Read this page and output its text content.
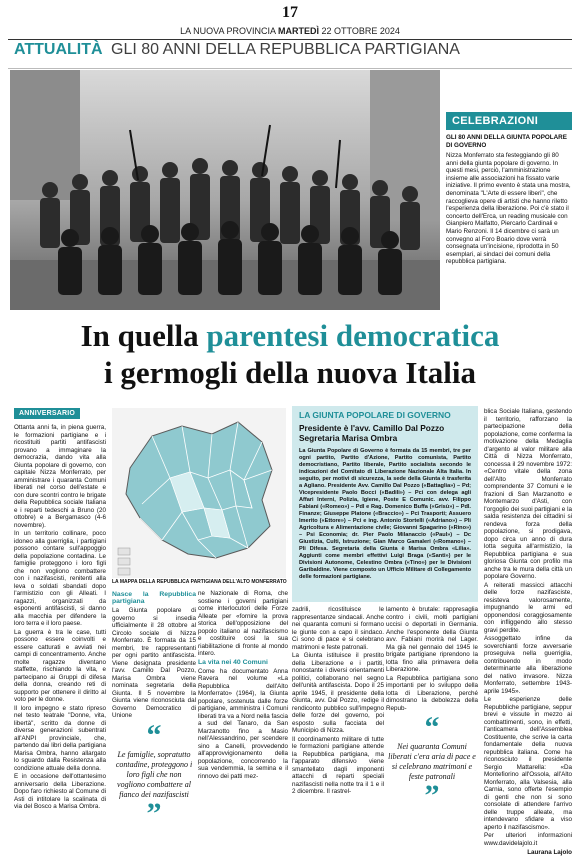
17
LA NUOVA PROVINCIA MARTEDÌ 22 OTTOBRE 2024
ATTUALITÀ GLI 80 ANNI DELLA REPUBBLICA PARTIGIANA
CELEBRAZIONI
GLI 80 ANNI DELLA GIUNTA POPOLARE DI GOVERNO
Nizza Monferrato sta festeggiando gli 80 anni della giunta popolare di governo. In questi mesi, perciò, l'amministrazione insieme alle associazioni ha fissato varie iniziative. Il primo evento è stata una mostra, denominata "L'Arte di essere liberi", che raccoglieva opere di artisti che hanno riletto l'esperienza della liberazione. Poi c'è stato il concerto dell'Erca, un reading musicale con Gianpiero Malfatto, Piercarlo Cardinali e Mario Renzoni. Il 14 dicembre ci sarà un convegno al Foro Boario dove verrà consegnata un'incisione, riprodotta in 50 esemplari, ai sindaci dei comuni della repubblica partigiana.
In quella parentesi democratica
i germogli della nuova Italia
ANNIVERSARIO

Ottanta anni fa, in piena guerra, le formazioni partigiane e i ricostituiti partiti antifascisti provano a immaginare la democrazia, dando vita alla Giunta popolare di governo, con capitale Nizza Monferrato, per amministrare i quaranta Comuni liberati nel corso dell'estate e con dure scontri contro le brigate della Repubblica sociale Italiana e i reparti tedeschi a Bruno (20 ottobre) e a Bergamasco (4-6 novembre).

In un territorio collinare, poco idoneo alla guerriglia, i partigiani possono contare sull'appoggio della popolazione contadina. Le famiglie proteggono i loro figli che non vogliono combattere con i nazifascisti, renitenti alla leva o soldati sbandati dopo l'armistizio con gli Alleati. I ragazzi, organizzati da esponenti antifascisti, si danno alla macchia per difendere la loro terra e il loro paese.

La guerra è tra le case, tutti possono essere coinvolti e essere catturati e avviati nei campi di concentramento. Anche molte ragazze diventano staffette, rischiando la vita, e partecipano ai Gruppi di difesa della donna, creando reti di supporto per ottenere il diritto al voto per le donne.

Il loro impegno e stato ripreso nel testo teatrale "Donne, vita, libertà", scritto da donne di diverse generazioni subentrati all'ANPI provinciale, che, partendo dai libri della partigiana Marisa Ombra, hanno allargato lo sguardo dalla Resistenza alla condizione attuale della donna.

E in occasione dell'ottantesimo anniversario della Liberazione. Dopo faro richiesto al Comune di Asti di intitolare la scalinata di via del Bosco a Marisa Ombra.

LA MAPPA DELLA REPUBBLICA PARTIGIANA DELL'ALTO MONFERRATO
LA GIUNTA POPOLARE DI GOVERNO
Presidente è l'avv. Camillo Dal Pozzo
Segretaria Marisa Ombra
La Giunta Popolare di Governo è formata da 15 membri, tre per ogni partito, Partito d'Azione, Partito comunista, Partito democristiano, Partito liberale, Partito socialista secondo le indicazioni del Comitato di Liberazione Nazionale Alta Italia. In seguito, per motivi di sicurezza, la sede della Giunta è trasferita a Agliano. Presidente Avv. Camillo Dal Pozzo («Battaglia») – Pd; Vicepresidente Paolo Bocci («Badili») – Pci con delega agli Affari Interni, Polizia, Igiene, Poste E Comunic. avv. Filippo Fabiani («Romeo») – Pdl e Rag. Domenico Buffa («Grisù») – Pdl. Finanze; Giuseppe Platone («Braccio») – Pci Trasporti; Assuero Imerito («Ettore») – Pci e ing. Antonio Stortelli («Adriano») – Pli Agricoltura e Alimentazione civile; Giovanni Spagarino («Rino») – Psi Economia; dr. Pier Paolo Milanaccio («Paul») – Dc Giustizia, Culti, Istruzione; Gian Marco Gamaleri («Romano») – Pli Difesa. Segretaria della Giunta è Marisa Ombra «Lilia». Aggiunti come membri effettivi Luigi Braga («Santi») per le Divisioni Autonome, Celestino Ombra («Tino») per le Divisioni Garibaldine. Viene composto un Ufficio Militare di Collegamento delle formazioni partigiane.
Nasce la Repubblica partigiana

La Giunta popolare di governo si insedia ufficialmente il 28 ottobre al Circolo sociale di Nizza Monferrato. È formata da 15 membri, tre rappresentanti per ogni partito antifascista. Viene designata presidente l'avv. Camillo Dal Pozzo, Marisa Ombra viene nominata segretaria della Giunta. Il 5 novembre la Giunta viene riconosciuta dal Governo Democratico di Unione

“
Le famiglie, sopratutto contadine, proteggono i loro figli che non vogliono combattere al fianco dei nazifascisti
”

ne Nazionale di Roma, che sostiene i governi partigiani come interlocutori delle Forze Alleate per «fornire la prova storica dell'opposizione del popolo italiano al nazifascismo e costituire così la sua riabilitazione di fronte al mondo intero.

La vita nei 40 Comuni

Come ha documentato Anna Ravera nel volume «La Repubblica dell'Alto Monferrato» (1964), la Giunta popolare, sostenuta dalle forze partigiane, amministra i Comuni liberati tra va a Nord nella fascia a sud del Tanaro, da San Marzanotto fino a Masio nell'Alessandrino, per scendere sino a Canelli, provvedendo all'approvvigionamento della popolazione, concorrendo la sua vendemmia, la semina e il rinnovo dei patti mez-

zadrili, ricostituisce le rappresentanze sindacali. Anche nei quaranta comuni si formano le giunte con a capo il sindaco. Ci sono di pace e si celebrano matrimoni e feste patronali.

La Giunta istituisce il prestito della Liberazione e i partiti, nonostante i diversi orientamenti politici, collaborano nel segno dell'unità antifascista. Dopo il 25 aprile 1945, il presidente della Giunta, avv. Dal Pozzo, redige il rendiconto pubblico sull'impegno delle forze del governo, poi esposto sulla facciata del Municipio di Nizza.

Il coordinamento militare di tutte le formazioni partigiane attende la Repubblica partigiana, ma l'apparato difensivo viene smantellato dagli imponenti attacchi di reparti speciali nazifascisti nella notte tra il 1 e il 2 dicembre. Il rastrel-

lamento è brutale: rappresaglia contro i civili, molti partigiani uccisi o deportati in Germania. Anche l'esponente della Giunta avv. Fabiani morirà nel Lager. Ma già nel gennaio del 1945 le brigate partigiane riprendono la lotta fino alla primavera della Liberazione.

La Repubblica partigiana sono importanti per lo sviluppo della lotta di Liberazione, perché dimostrano la debolezza della Repub-

“
Nei quaranta Comuni liberati c'era aria di pace e si celebrano matrimoni e feste patronali
”

blica Sociale Italiana, gestendo il territorio, rafforzano la partecipazione della popolazione, come conferma la motivazione della Medaglia d'argento al valor militare alla Città di Nizza Monferrato, concessa il 29 novembre 1972: «Centro vitale della zona dell'Alto Monferrato comprendente 37 Comuni e le frazioni di San Marzanotto e Montemarzo d'Asti, con l'orgoglio dei suoi partigiani e la salda resistenza dei cittadini si rendeva forza della popolazione, si prodigava, dopo circa un anno di dura lotta seguita all'armistizio, la Repubblica partigiana e sua gloriosa Giunta con profilo ma anche tra le mura della città un popolare Governo.

A reiterati massicci attacchi delle forze nazifasciste, resisteva valorosamente, impugnando le armi ed opponendosi coraggiosamente con infliggendo allo stesso gravi perdite.

Assoggettato infine da soverchianti forze avversarie proseguiva nella guerriglia, contribuendo in modo determinante alla liberazione del nativo invasore. Nizza Monferrato, settembre 1943-aprile 1945».

Le esperienze delle Repubbliche partigiane, seppur brevi e vissute in mezzo ai combattimenti, sono, in effetti, l'anticamera dell'Assemblea Costituente, che scrive la carta fondamentale della nuova repubblica italiana. Come ha riconosciuto il presidente Sergio Mattarella: «Da Montefiorino all'Ossola, all'Alto Monferrato, alla Valsesia, alla Carnia, sono offerte l'esempio di genti che non si sono consolate di attendere l'arrivo delle truppe alleate, ma intendevano sfidare a viso aperto il nazifascismo».

Per ulteriori informazioni www.davidelajolo.it

Laurana Lajolo
